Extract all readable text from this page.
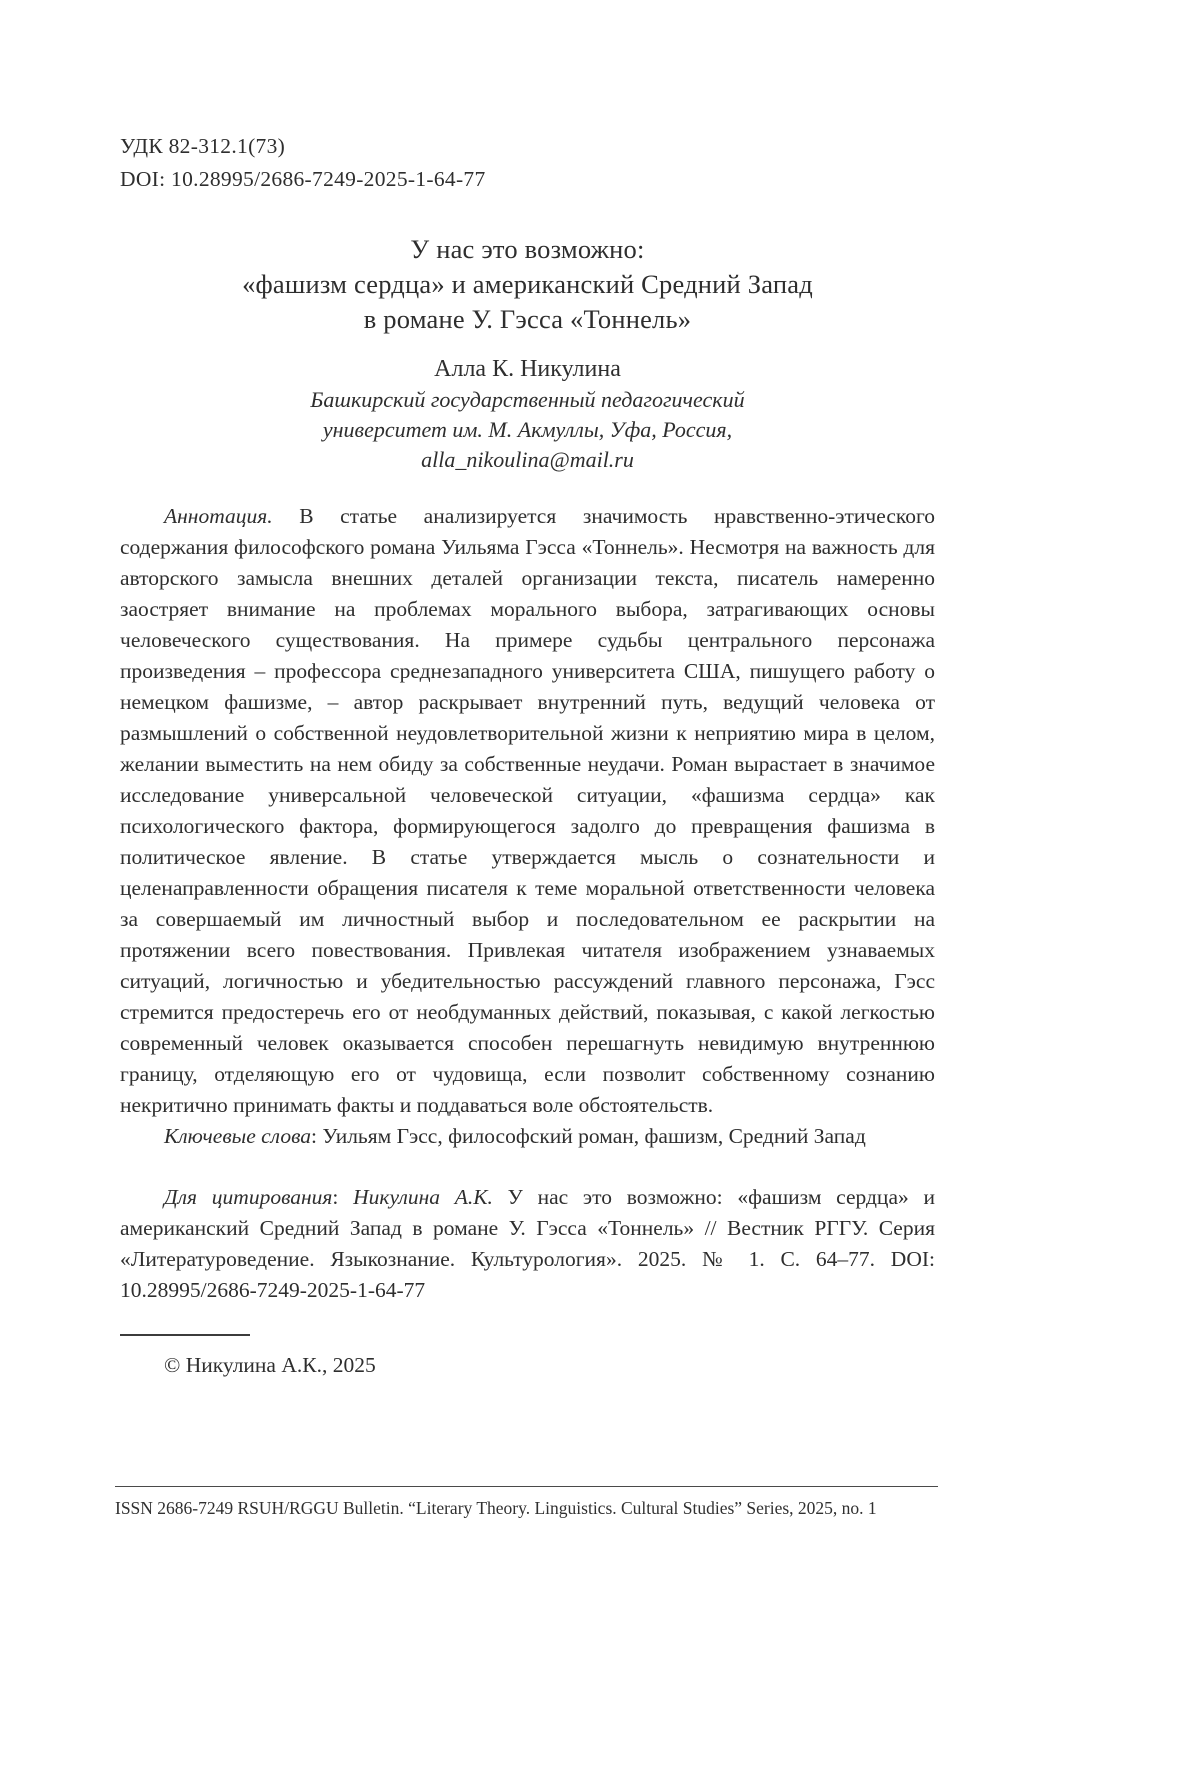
УДК 82-312.1(73)
DOI: 10.28995/2686-7249-2025-1-64-77
У нас это возможно:
«фашизм сердца» и американский Средний Запад
в романе У. Гэсса «Тоннель»
Алла К. Никулина
Башкирский государственный педагогический
университет им. М. Акмуллы, Уфа, Россия,
alla_nikoulina@mail.ru

Аннотация. В статье анализируется значимость нравственно-этического содержания философского романа Уильяма Гэсса «Тоннель». Несмотря на важность для авторского замысла внешних деталей организации текста, писатель намеренно заостряет внимание на проблемах морального выбора, затрагивающих основы человеческого существования. На примере судьбы центрального персонажа произведения – профессора среднезападного университета США, пишущего работу о немецком фашизме, – автор раскрывает внутренний путь, ведущий человека от размышлений о собственной неудовлетворительной жизни к неприятию мира в целом, желании выместить на нем обиду за собственные неудачи. Роман вырастает в значимое исследование универсальной человеческой ситуации, «фашизма сердца» как психологического фактора, формирующегося задолго до превращения фашизма в политическое явление. В статье утверждается мысль о сознательности и целенаправленности обращения писателя к теме моральной ответственности человека за совершаемый им личностный выбор и последовательном ее раскрытии на протяжении всего повествования. Привлекая читателя изображением узнаваемых ситуаций, логичностью и убедительностью рассуждений главного персонажа, Гэсс стремится предостеречь его от необдуманных действий, показывая, с какой легкостью современный человек оказывается способен перешагнуть невидимую внутреннюю границу, отделяющую его от чудовища, если позволит собственному сознанию некритично принимать факты и поддаваться воле обстоятельств.

Ключевые слова: Уильям Гэсс, философский роман, фашизм, Средний Запад

Для цитирования: Никулина А.К. У нас это возможно: «фашизм сердца» и американский Средний Запад в романе У. Гэсса «Тоннель» // Вестник РГГУ. Серия «Литературоведение. Языкознание. Культурология». 2025. № 1. С. 64–77. DOI: 10.28995/2686-7249-2025-1-64-77

© Никулина А.К., 2025
ISSN 2686-7249 RSUH/RGGU Bulletin. “Literary Theory. Linguistics. Cultural Studies” Series, 2025, no. 1
